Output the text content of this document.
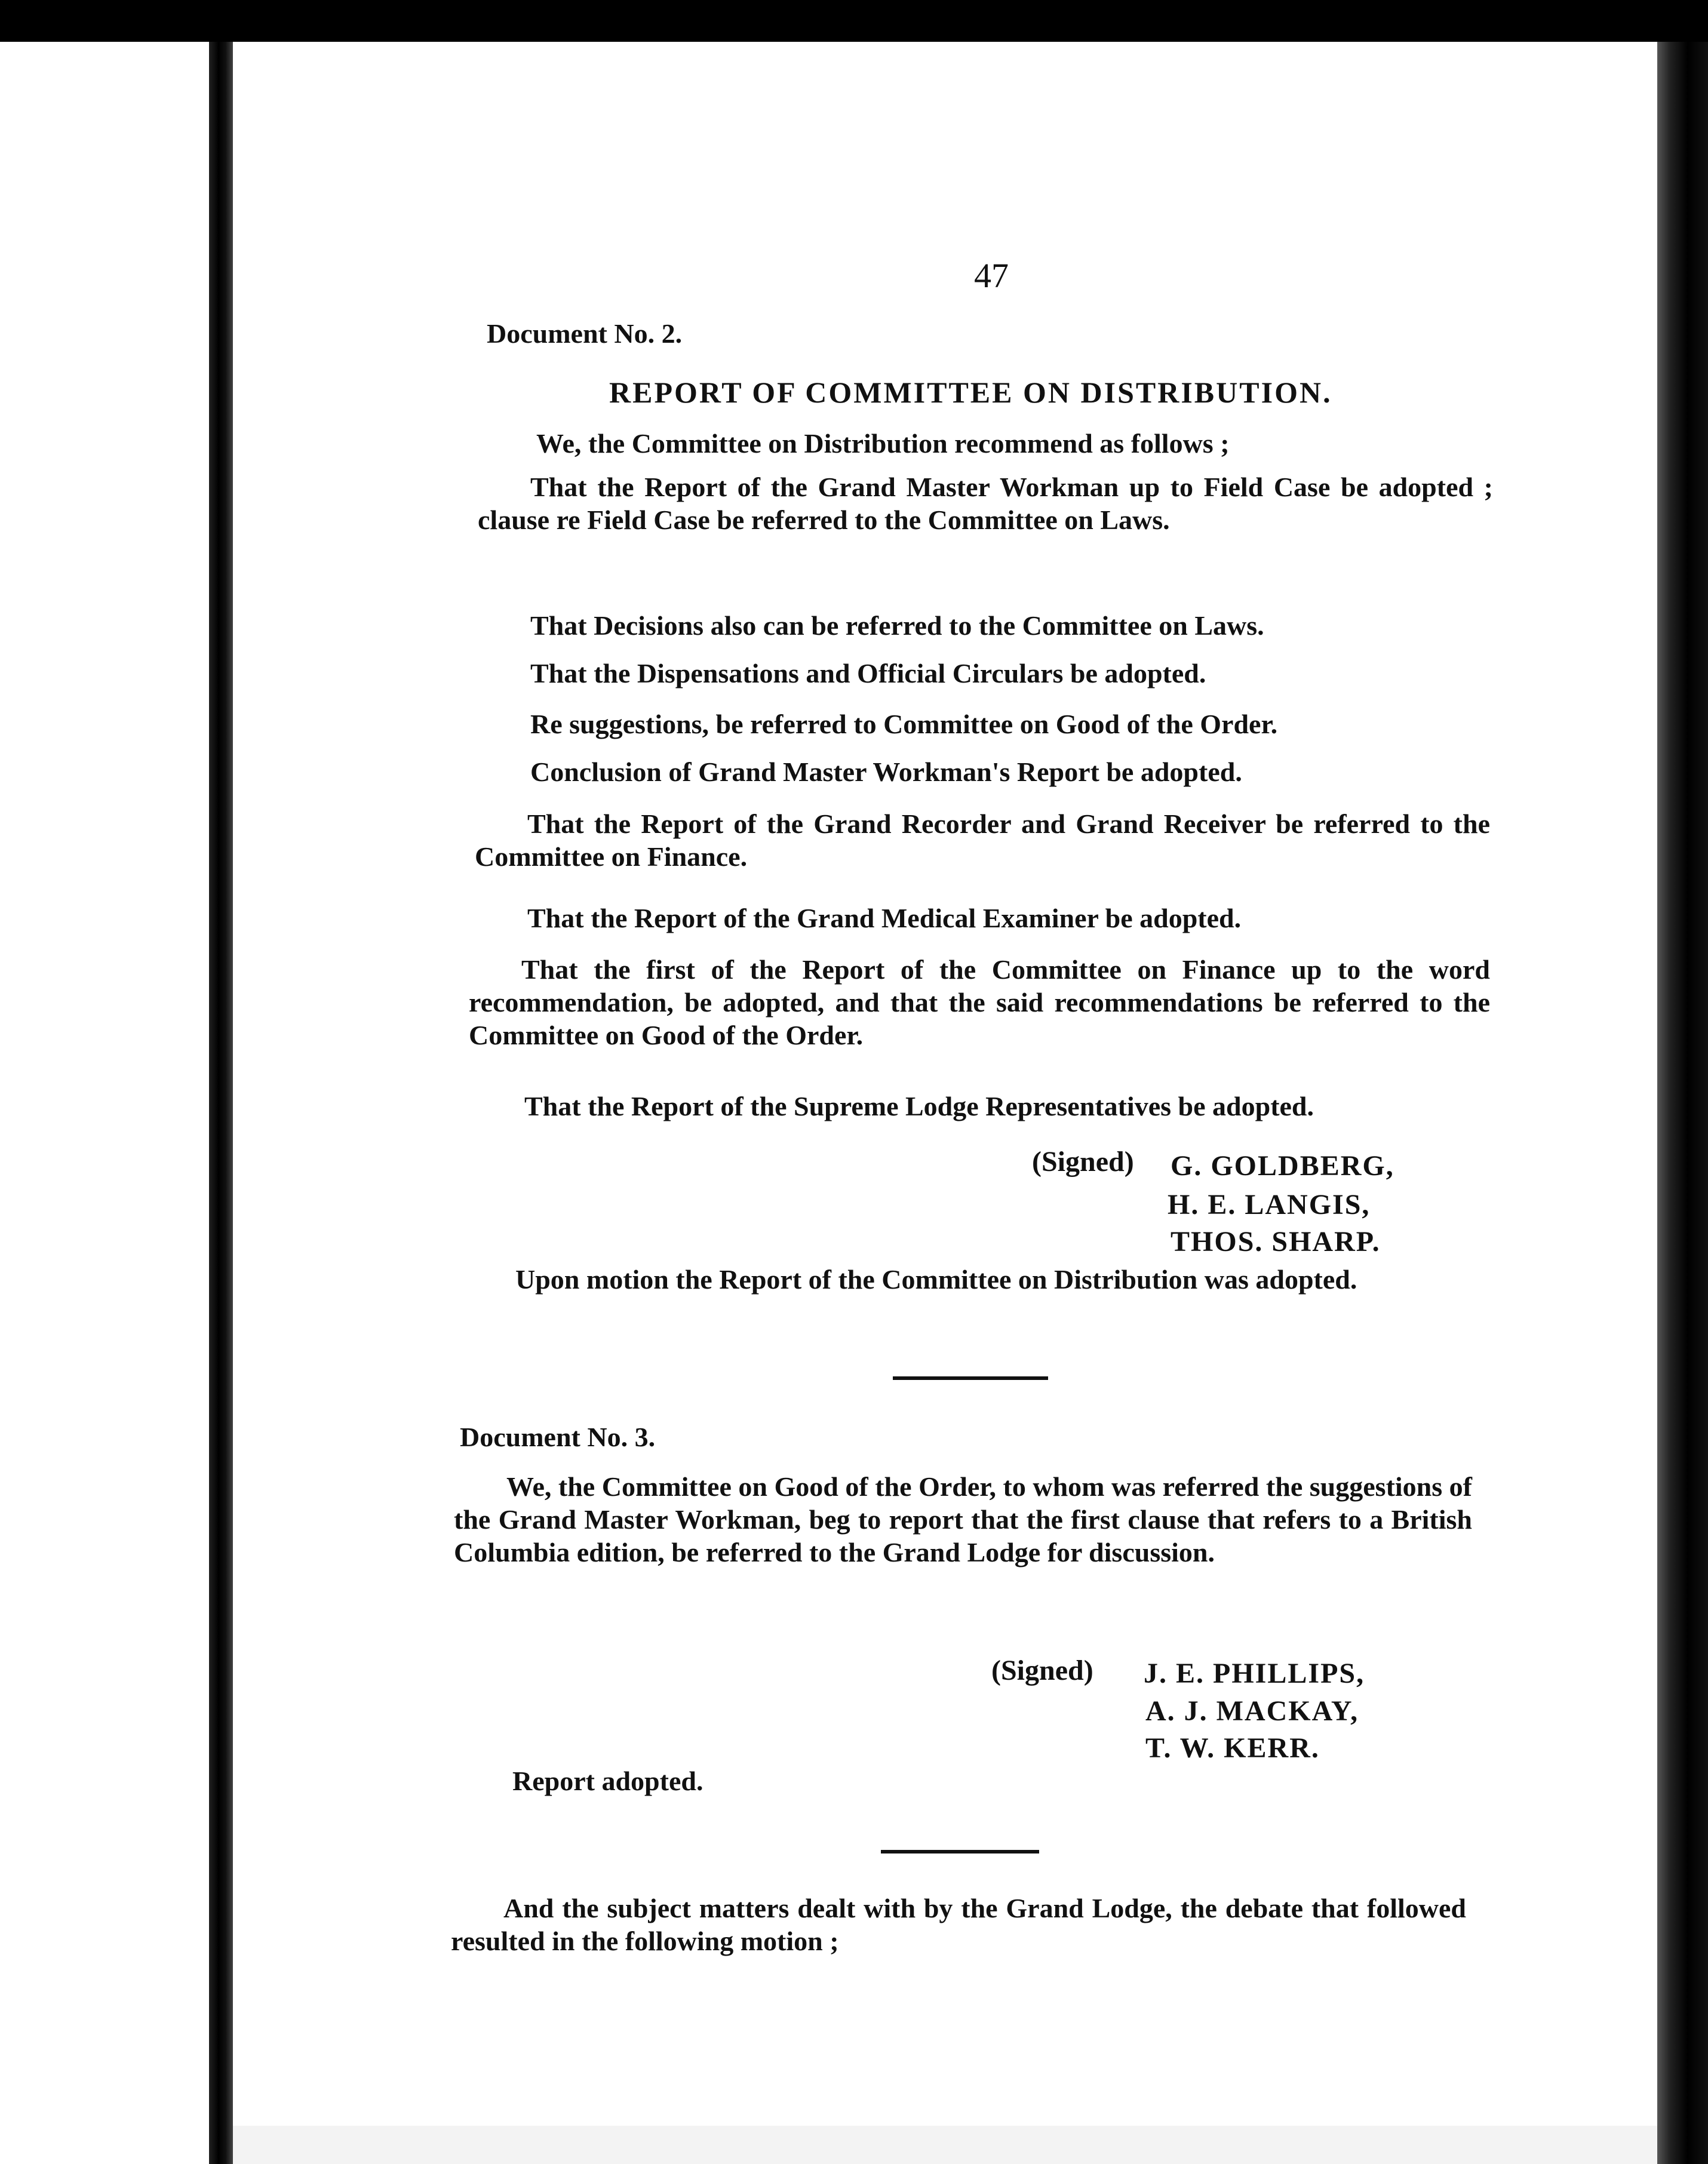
47
Document No. 2.
REPORT OF COMMITTEE ON DISTRIBUTION.
We, the Committee on Distribution recommend as follows ;
That the Report of the Grand Master Workman up to Field Case be adopted ; clause re Field Case be referred to the Committee on Laws.
That Decisions also can be referred to the Committee on Laws.
That the Dispensations and Official Circulars be adopted.
Re suggestions, be referred to Committee on Good of the Order.
Conclusion of Grand Master Workman's Report be adopted.
That the Report of the Grand Recorder and Grand Receiver be referred to the Committee on Finance.
That the Report of the Grand Medical Examiner be adopted.
That the first of the Report of the Committee on Finance up to the word recommendation, be adopted, and that the said recommendations be referred to the Committee on Good of the Order.
That the Report of the Supreme Lodge Representatives be adopted.
(Signed) G. GOLDBERG,
H. E. LANGIS,
THOS. SHARP.
Upon motion the Report of the Committee on Distribution was adopted.
Document No. 3.
We, the Committee on Good of the Order, to whom was referred the suggestions of the Grand Master Workman, beg to report that the first clause that refers to a British Columbia edition, be referred to the Grand Lodge for discussion.
(Signed) J. E. PHILLIPS,
A. J. MACKAY,
T. W. KERR.
Report adopted.
And the subject matters dealt with by the Grand Lodge, the debate that followed resulted in the following motion ;
